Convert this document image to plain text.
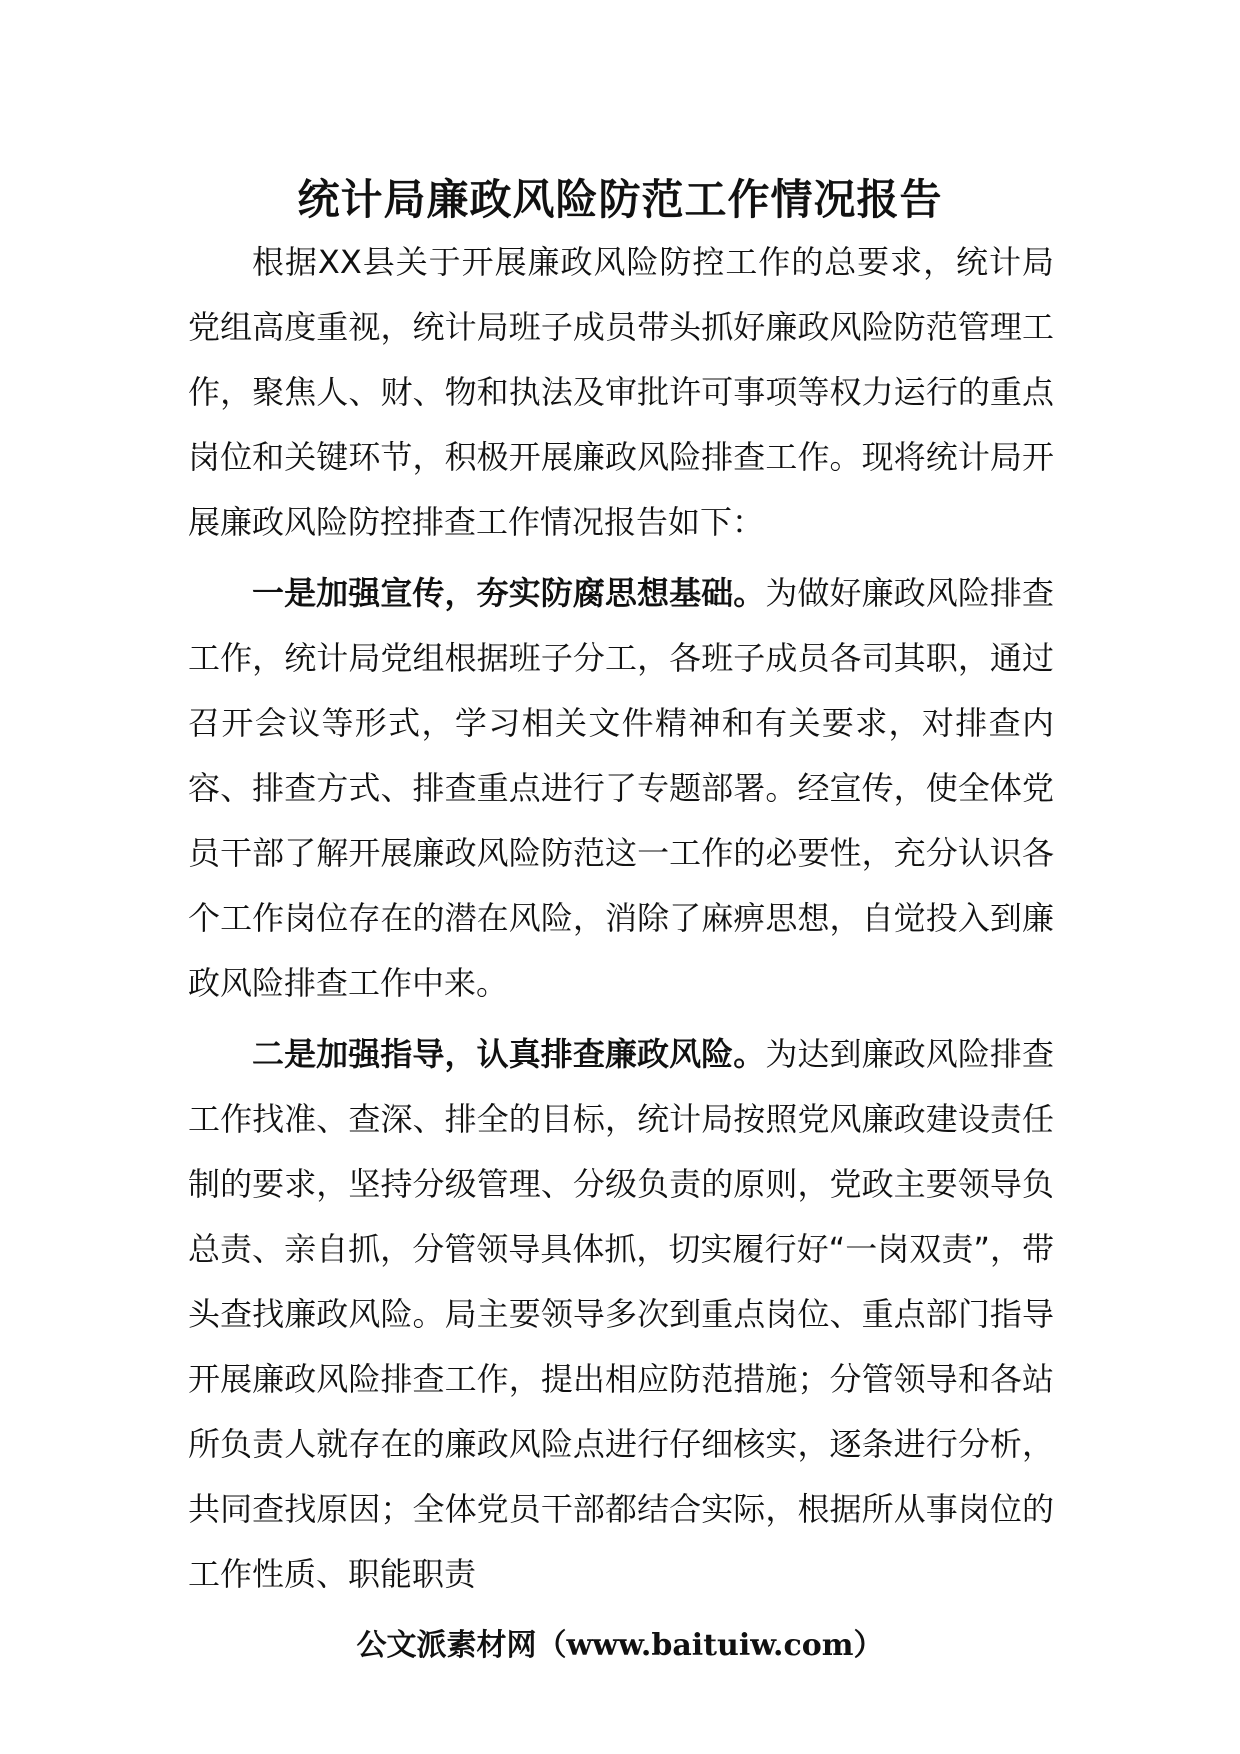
统计局廉政风险防范工作情况报告

根据XX县关于开展廉政风险防控工作的总要求，统计局党组高度重视，统计局班子成员带头抓好廉政风险防范管理工作，聚焦人、财、物和执法及审批许可事项等权力运行的重点岗位和关键环节，积极开展廉政风险排查工作。现将统计局开展廉政风险防控排查工作情况报告如下：

一是加强宣传，夯实防腐思想基础。为做好廉政风险排查工作，统计局党组根据班子分工，各班子成员各司其职，通过召开会议等形式，学习相关文件精神和有关要求，对排查内容、排查方式、排查重点进行了专题部署。经宣传，使全体党员干部了解开展廉政风险防范这一工作的必要性，充分认识各个工作岗位存在的潜在风险，消除了麻痹思想，自觉投入到廉政风险排查工作中来。

二是加强指导，认真排查廉政风险。为达到廉政风险排查工作找准、查深、排全的目标，统计局按照党风廉政建设责任制的要求，坚持分级管理、分级负责的原则，党政主要领导负总责、亲自抓，分管领导具体抓，切实履行好“一岗双责”，带头查找廉政风险。局主要领导多次到重点岗位、重点部门指导开展廉政风险排查工作，提出相应防范措施；分管领导和各站所负责人就存在的廉政风险点进行仔细核实，逐条进行分析，共同查找原因；全体党员干部都结合实际，根据所从事岗位的工作性质、职能职责

公文派素材网（www.baituiw.com）
